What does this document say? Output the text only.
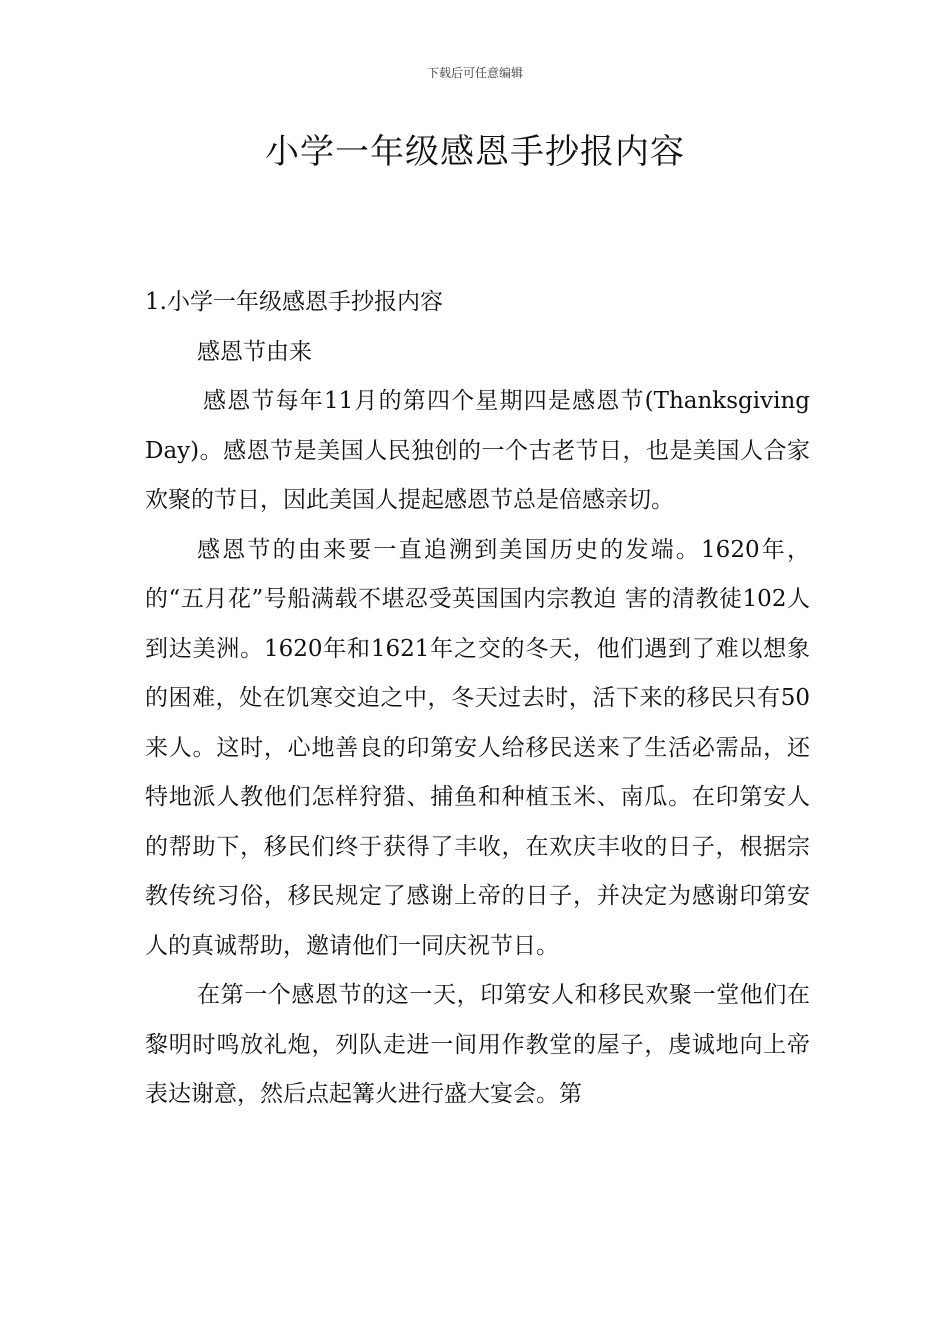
下载后可任意编辑
小学一年级感恩手抄报内容

1.小学一年级感恩手抄报内容

感恩节由来

感恩节每年11月的第四个星期四是感恩节(Thanksgiving Day)。感恩节是美国人民独创的一个古老节日，也是美国人合家欢聚的节日，因此美国人提起感恩节总是倍感亲切。

感恩节的由来要一直追溯到美国历史的发端。1620年，的“五月花”号船满载不堪忍受英国国内宗教迫 害的清教徒102人到达美洲。1620年和1621年之交的冬天，他们遇到了难以想象的困难，处在饥寒交迫之中，冬天过去时，活下来的移民只有50来人。这时，心地善良的印第安人给移民送来了生活必需品，还特地派人教他们怎样狩猎、捕鱼和种植玉米、南瓜。在印第安人的帮助下，移民们终于获得了丰收，在欢庆丰收的日子，根据宗教传统习俗，移民规定了感谢上帝的日子，并决定为感谢印第安人的真诚帮助，邀请他们一同庆祝节日。

在第一个感恩节的这一天，印第安人和移民欢聚一堂他们在黎明时鸣放礼炮，列队走进一间用作教堂的屋子，虔诚地向上帝表达谢意，然后点起篝火进行盛大宴会。第
